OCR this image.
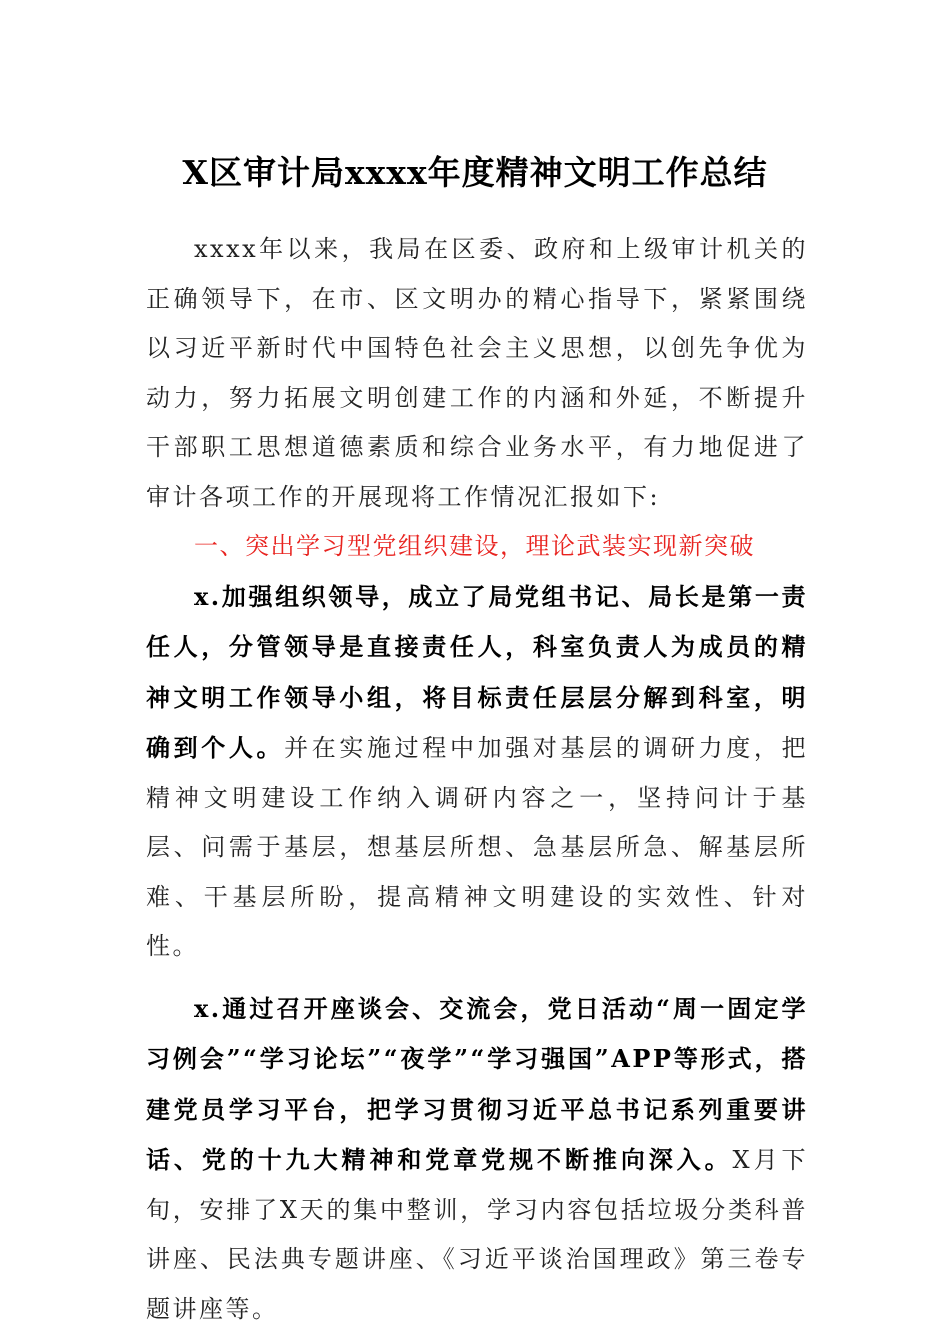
X区审计局xxxx年度精神文明工作总结

xxxx年以来，我局在区委、政府和上级审计机关的正确领导下，在市、区文明办的精心指导下，紧紧围绕以习近平新时代中国特色社会主义思想，以创先争优为动力，努力拓展文明创建工作的内涵和外延，不断提升干部职工思想道德素质和综合业务水平，有力地促进了审计各项工作的开展现将工作情况汇报如下:

一、突出学习型党组织建设，理论武装实现新突破

x.加强组织领导，成立了局党组书记、局长是第一责任人，分管领导是直接责任人，科室负责人为成员的精神文明工作领导小组，将目标责任层层分解到科室，明确到个人。并在实施过程中加强对基层的调研力度，把精神文明建设工作纳入调研内容之一，坚持问计于基层、问需于基层，想基层所想、急基层所急、解基层所难、干基层所盼，提高精神文明建设的实效性、针对性。

x.通过召开座谈会、交流会，党日活动“周一固定学习例会”“学习论坛”“夜学”“学习强国”APP等形式，搭建党员学习平台，把学习贯彻习近平总书记系列重要讲话、党的十九大精神和党章党规不断推向深入。X月下旬，安排了X天的集中整训，学习内容包括垃圾分类科普讲座、民法典专题讲座、《习近平谈治国理政》第三卷专题讲座等。
